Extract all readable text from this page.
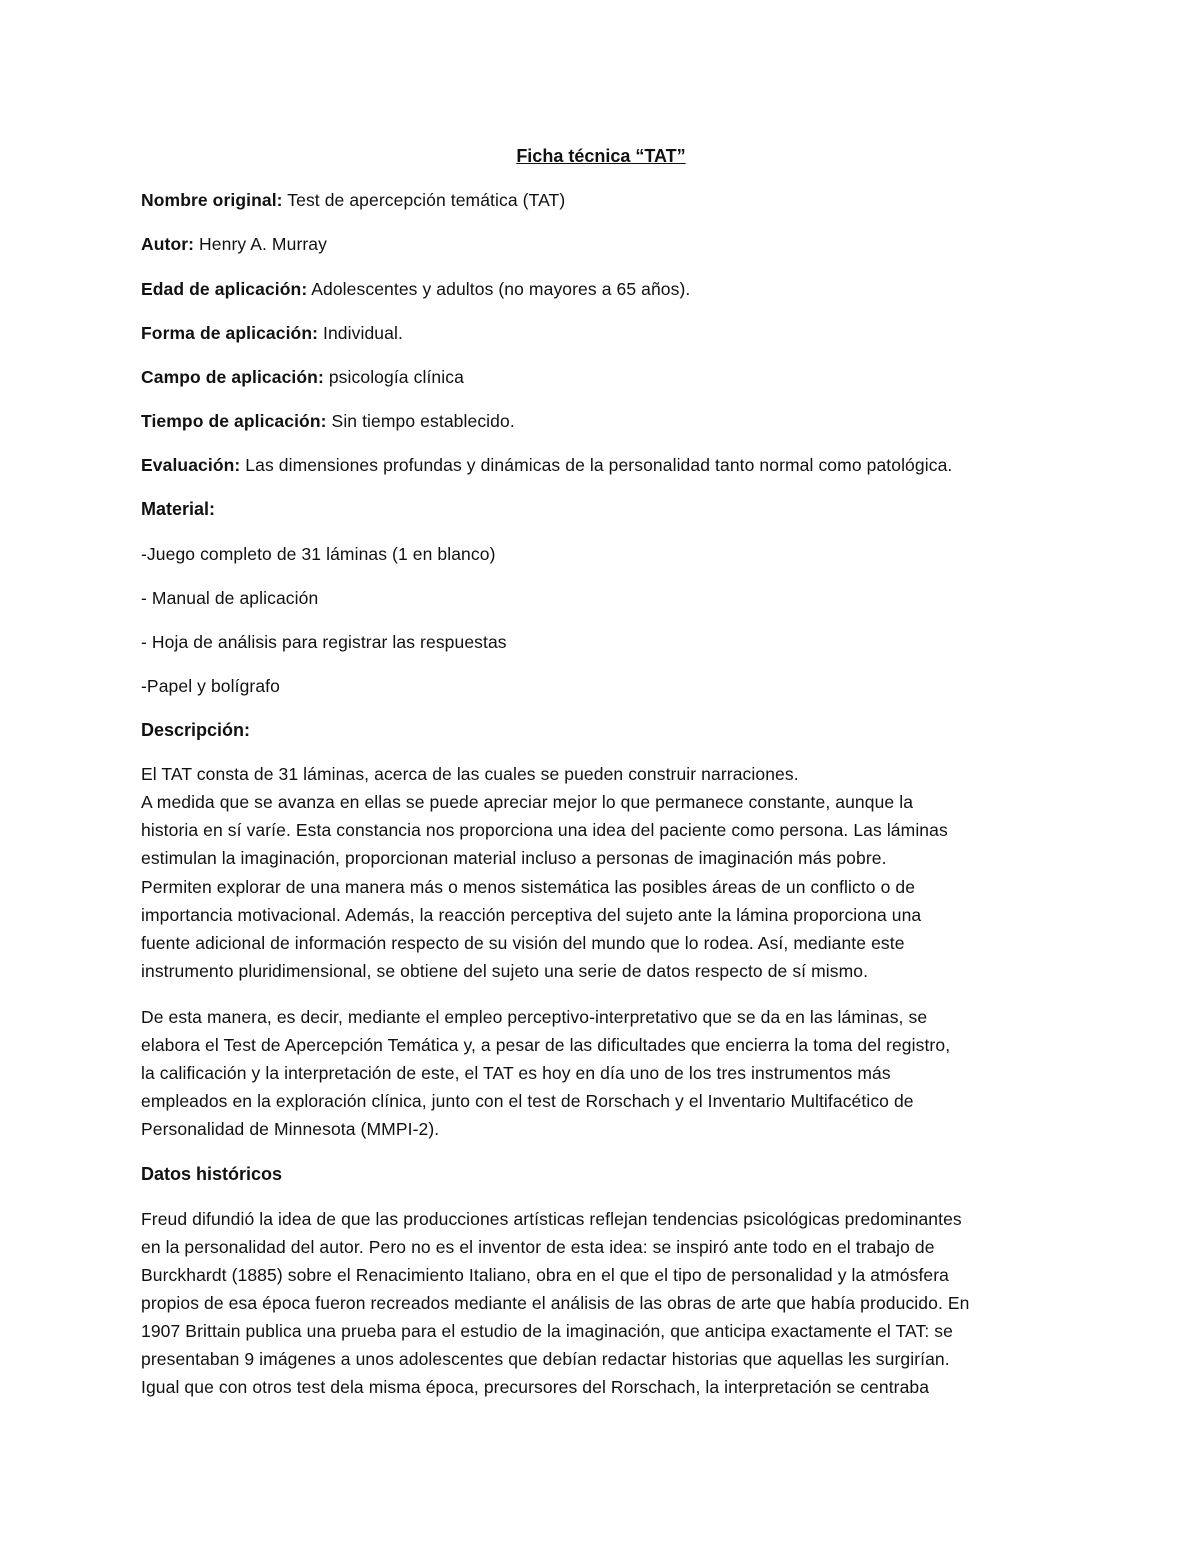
Ficha técnica “TAT”
Nombre original: Test de apercepción temática (TAT)
Autor: Henry A. Murray
Edad de aplicación: Adolescentes y adultos (no mayores a 65 años).
Forma de aplicación: Individual.
Campo de aplicación: psicología clínica
Tiempo de aplicación: Sin tiempo establecido.
Evaluación: Las dimensiones profundas y dinámicas de la personalidad tanto normal como patológica.
Material:
-Juego completo de 31 láminas (1 en blanco)
- Manual de aplicación
- Hoja de análisis para registrar las respuestas
-Papel y bolígrafo
Descripción:
El TAT consta de 31 láminas, acerca de las cuales se pueden construir narraciones.
A medida que se avanza en ellas se puede apreciar mejor lo que permanece constante, aunque la
historia en sí varíe. Esta constancia nos proporciona una idea del paciente como persona. Las láminas
estimulan la imaginación, proporcionan material incluso a personas de imaginación más pobre.
Permiten explorar de una manera más o menos sistemática las posibles áreas de un conflicto o de
importancia motivacional. Además, la reacción perceptiva del sujeto ante la lámina proporciona una
fuente adicional de información respecto de su visión del mundo que lo rodea. Así, mediante este
instrumento pluridimensional, se obtiene del sujeto una serie de datos respecto de sí mismo.
De esta manera, es decir, mediante el empleo perceptivo-interpretativo que se da en las láminas, se
elabora el Test de Apercepción Temática y, a pesar de las dificultades que encierra la toma del registro,
la calificación y la interpretación de este, el TAT es hoy en día uno de los tres instrumentos más
empleados en la exploración clínica, junto con el test de Rorschach y el Inventario Multifacético de
Personalidad de Minnesota (MMPI-2).
Datos históricos
Freud difundió la idea de que las producciones artísticas reflejan tendencias psicológicas predominantes
en la personalidad del autor. Pero no es el inventor de esta idea: se inspiró ante todo en el trabajo de
Burckhardt (1885) sobre el Renacimiento Italiano, obra en el que el tipo de personalidad y la atmósfera
propios de esa época fueron recreados mediante el análisis de las obras de arte que había producido. En
1907 Brittain publica una prueba para el estudio de la imaginación, que anticipa exactamente el TAT: se
presentaban 9 imágenes a unos adolescentes que debían redactar historias que aquellas les surgirían.
Igual que con otros test dela misma época, precursores del Rorschach, la interpretación se centraba
